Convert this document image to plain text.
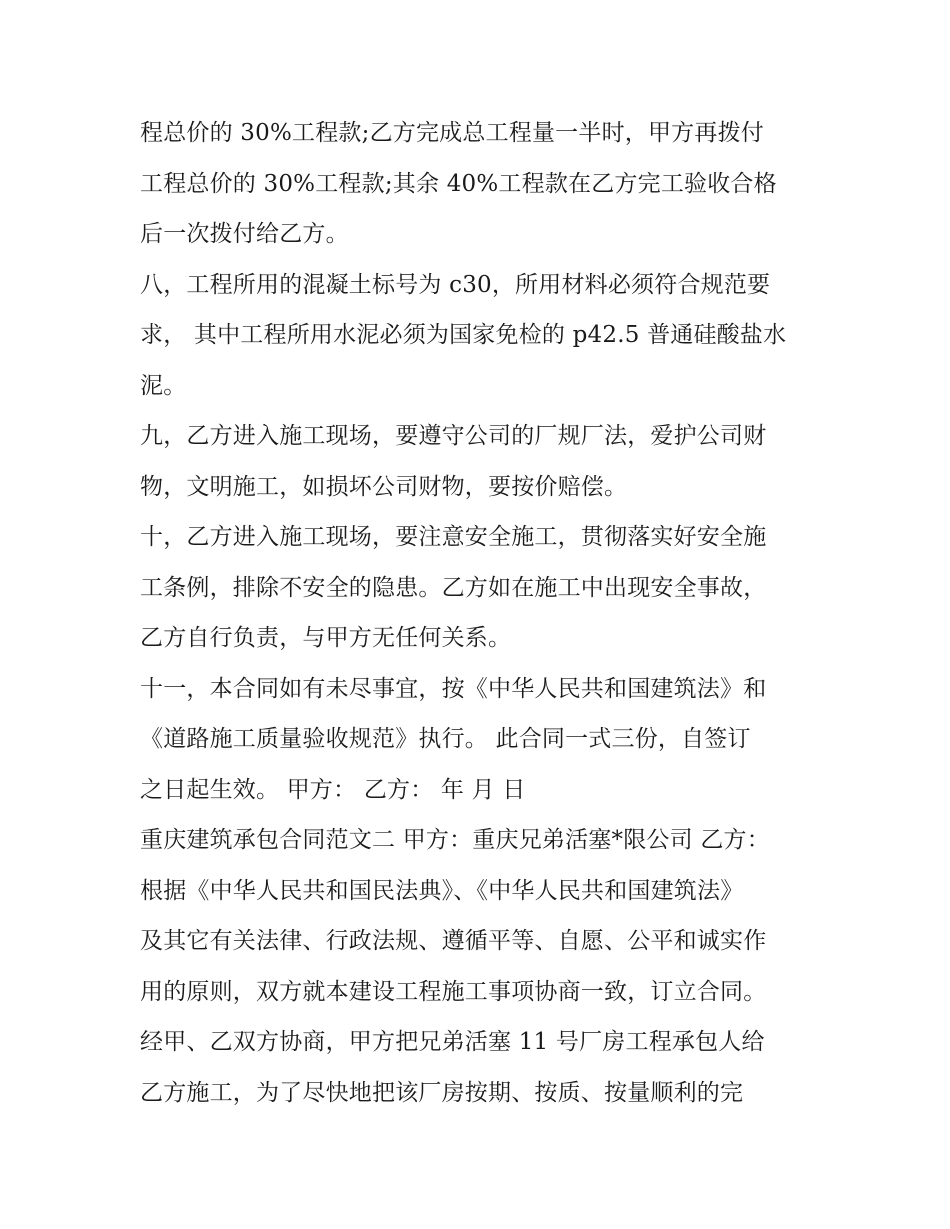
程总价的 30%工程款;乙方完成总工程量一半时，甲方再拨付
工程总价的 30%工程款;其余 40%工程款在乙方完工验收合格
后一次拨付给乙方。
八，工程所用的混凝土标号为 c30，所用材料必须符合规范要
求， 其中工程所用水泥必须为国家免检的 p42.5 普通硅酸盐水
泥。
九，乙方进入施工现场，要遵守公司的厂规厂法，爱护公司财
物，文明施工，如损坏公司财物，要按价赔偿。
十，乙方进入施工现场，要注意安全施工，贯彻落实好安全施
工条例，排除不安全的隐患。乙方如在施工中出现安全事故，
乙方自行负责，与甲方无任何关系。
十一，本合同如有未尽事宜，按《中华人民共和国建筑法》和
《道路施工质量验收规范》执行。 此合同一式三份，自签订
之日起生效。 甲方： 乙方： 年 月 日
重庆建筑承包合同范文二 甲方：重庆兄弟活塞*限公司 乙方：
根据《中华人民共和国民法典》、《中华人民共和国建筑法》
及其它有关法律、行政法规、遵循平等、自愿、公平和诚实作
用的原则，双方就本建设工程施工事项协商一致，订立合同。
经甲、乙双方协商，甲方把兄弟活塞 11 号厂房工程承包人给
乙方施工，为了尽快地把该厂房按期、按质、按量顺利的完
